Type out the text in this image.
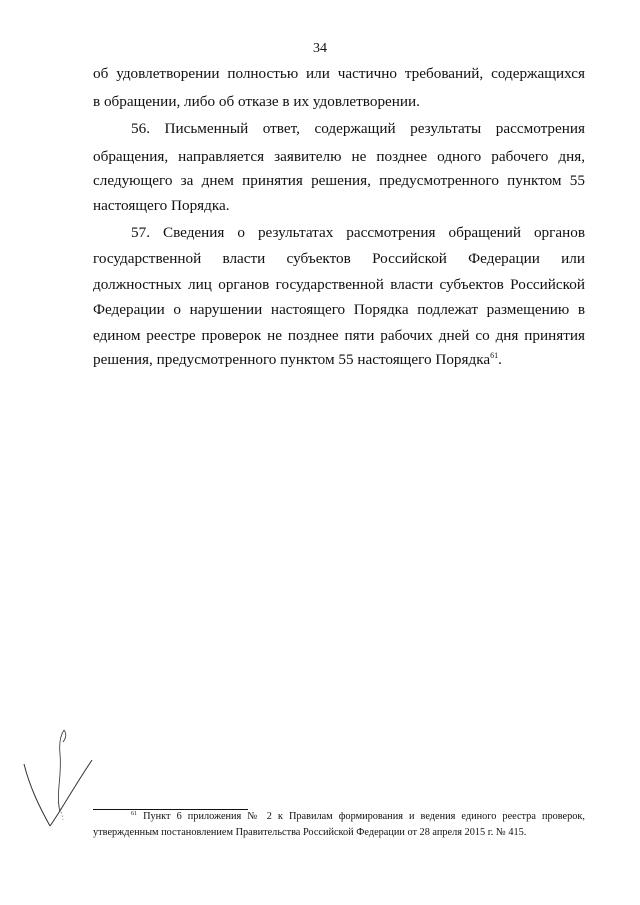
34
об удовлетворении полностью или частично требований, содержащихся
в обращении, либо об отказе в их удовлетворении.
56. Письменный ответ, содержащий результаты рассмотрения
обращения, направляется заявителю не позднее одного рабочего дня,
следующего за днем принятия решения, предусмотренного пунктом 55
настоящего Порядка.
57. Сведения о результатах рассмотрения обращений органов
государственной власти субъектов Российской Федерации или
должностных лиц органов государственной власти субъектов Российской
Федерации о нарушении настоящего Порядка подлежат размещению в
едином реестре проверок не позднее пяти рабочих дней со дня принятия
решения, предусмотренного пунктом 55 настоящего Порядка$^{61}$.
$^{61}$ Пункт 6 приложения № 2 к Правилам формирования и ведения единого реестра проверок,
утвержденным постановлением Правительства Российской Федерации от 28 апреля 2015 г. № 415.
